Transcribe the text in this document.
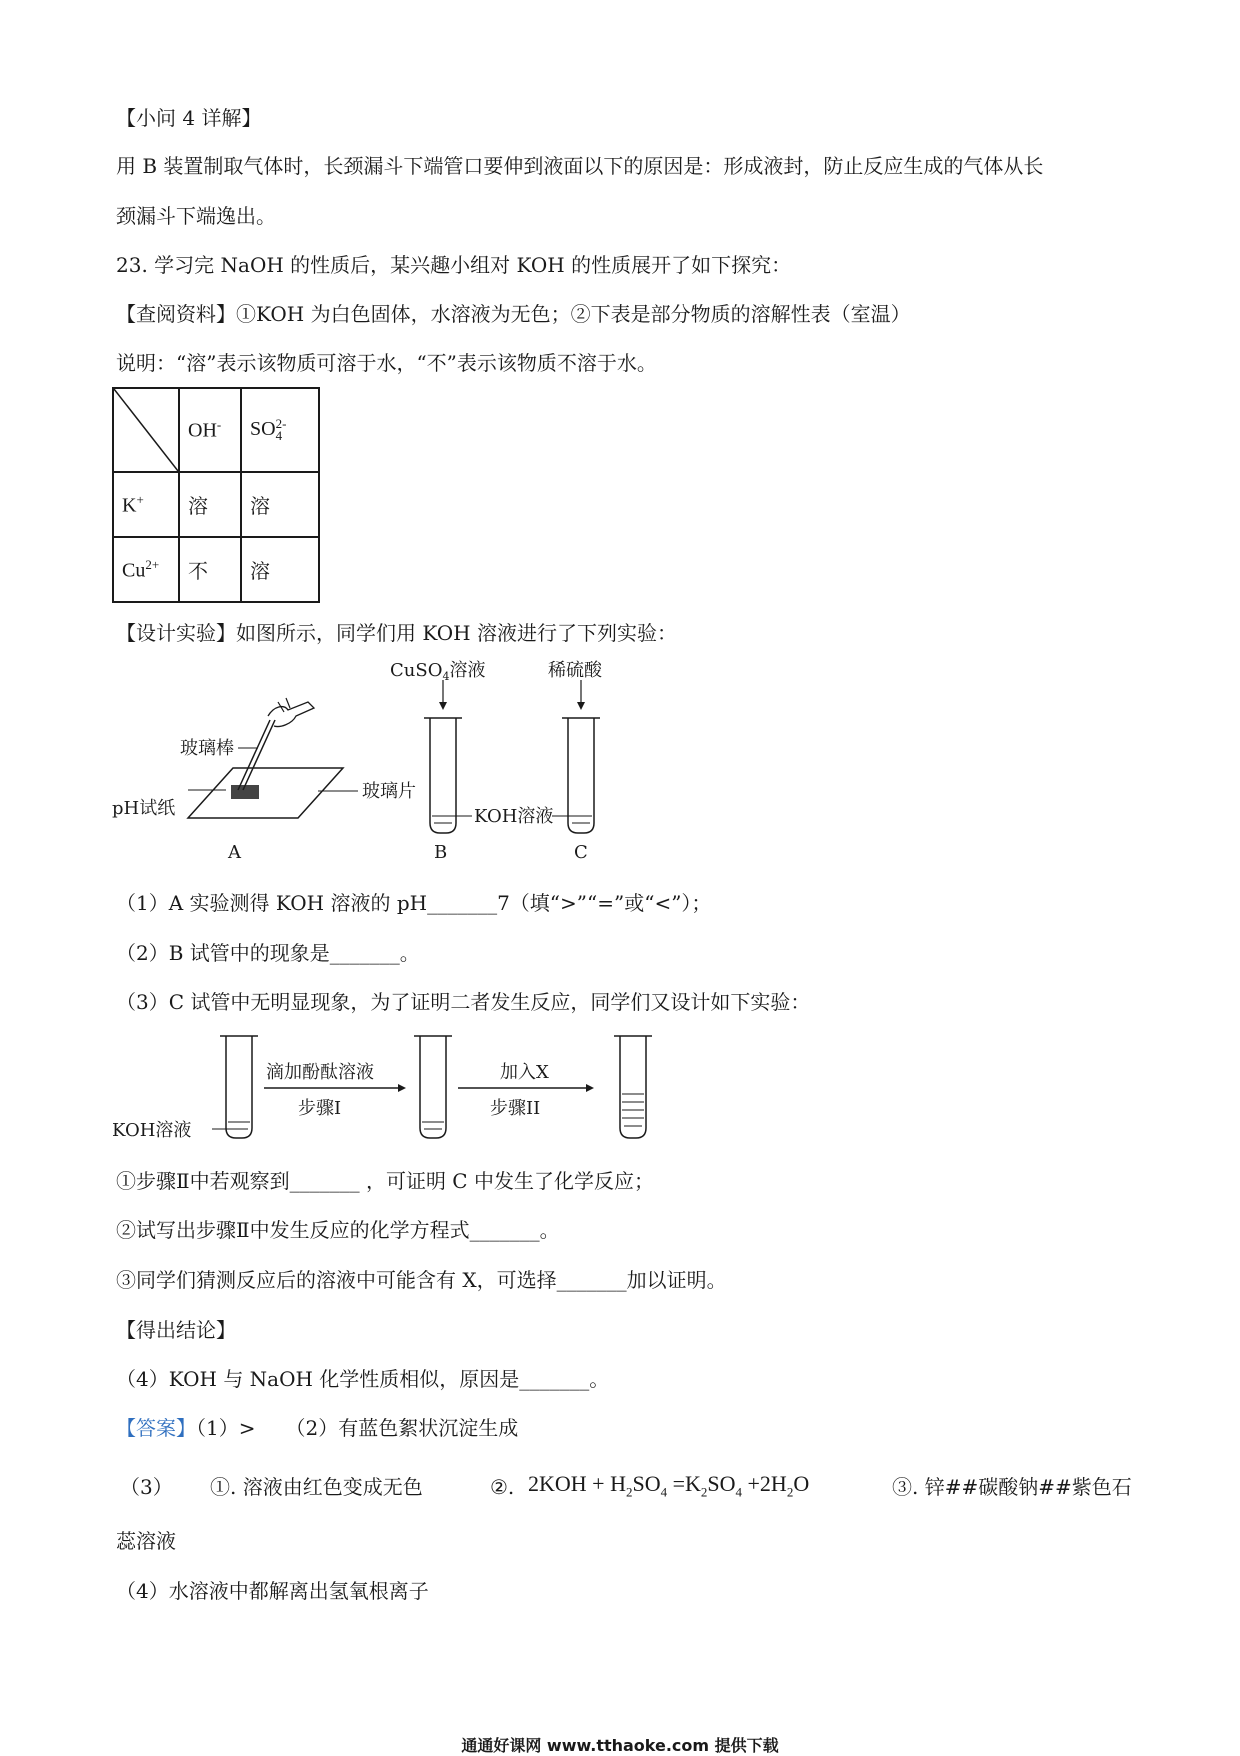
【小问 4 详解】
用 B 装置制取气体时，长颈漏斗下端管口要伸到液面以下的原因是：形成液封，防止反应生成的气体从长
颈漏斗下端逸出。
23. 学习完 NaOH 的性质后，某兴趣小组对 KOH 的性质展开了如下探究：
【查阅资料】①KOH 为白色固体，水溶液为无色；②下表是部分物质的溶解性表（室温）
说明：“溶”表示该物质可溶于水，“不”表示该物质不溶于水。
	OH-	SO 2-
4

K+	溶	溶
$Cu^{2+}$	不	溶
【设计实验】如图所示，同学们用 KOH 溶液进行了下列实验：
玻璃棒
pH试纸
玻璃片
A
CuSO$_4$溶液
B
稀硫酸
C
KOH溶液
（1）A 实验测得 KOH 溶液的 pH_______7（填“>”“=”或“<”）；
（2）B 试管中的现象是_______。
（3）C 试管中无明显现象，为了证明二者发生反应，同学们又设计如下实验：
KOH溶液
滴加酚酞溶液
步骤I
加入X
步骤II
①步骤Ⅱ中若观察到_______ ，可证明 C 中发生了化学反应；
②试写出步骤Ⅱ中发生反应的化学方程式_______。
③同学们猜测反应后的溶液中可能含有 X，可选择_______加以证明。
【得出结论】
（4）KOH 与 NaOH 化学性质相似，原因是_______。
【答案】（1）>　　（2）有蓝色絮状沉淀生成
（3） ①. 溶液由红色变成无色	②. $2KOH + H_2SO_4 =K_2SO_4 +2H_2O$	③. 锌##碳酸钠##紫色石
蕊溶液
（4）水溶液中都解离出氢氧根离子
通通好课网 www.tthaoke.com 提供下载
